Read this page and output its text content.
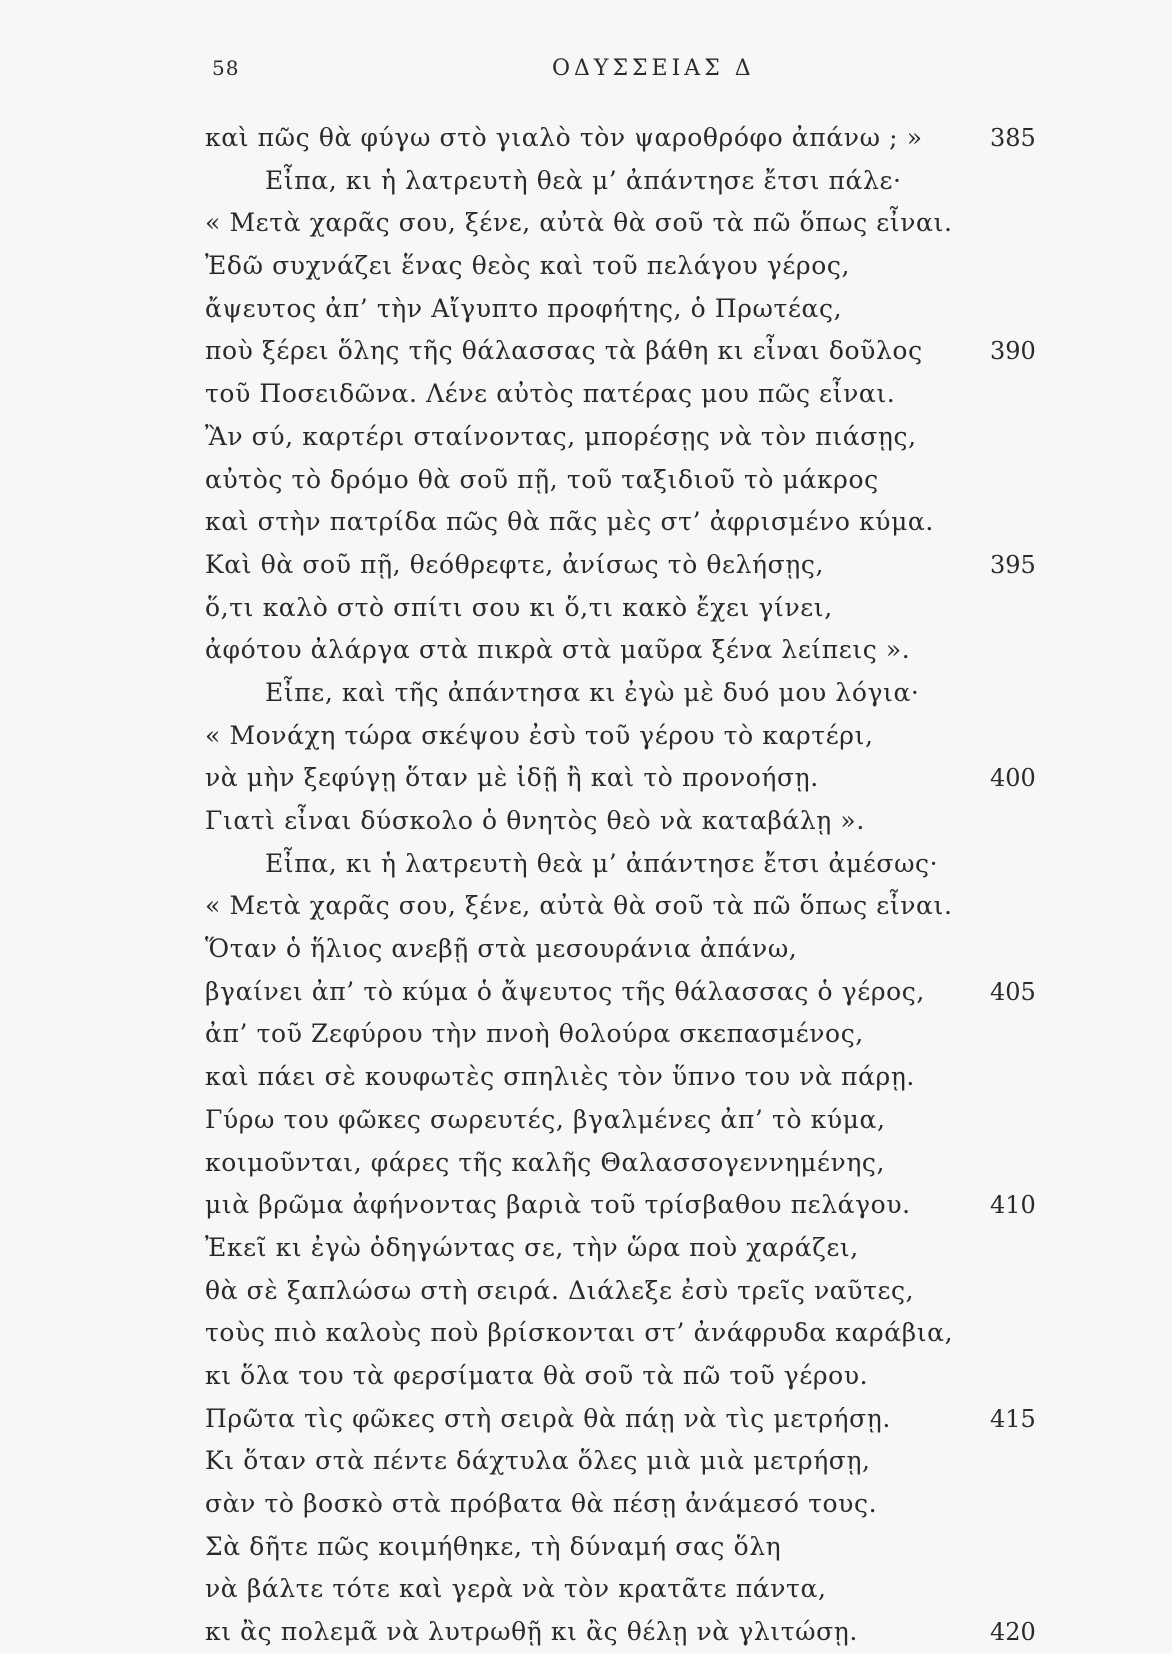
58	ΟΔΥΣΣΕΙΑΣ Δ
καὶ πῶς θὰ φύγω στὸ γιαλὸ τὸν ψαροθρόφο ἀπάνω ; »	385
Εἶπα, κι ἡ λατρευτὴ θεὰ μ’ ἀπάντησε ἔτσι πάλε·
« Μετὰ χαρᾶς σου, ξένε, αὐτὰ θὰ σοῦ τὰ πῶ ὅπως εἶναι.
Ἐδῶ συχνάζει ἕνας θεὸς καὶ τοῦ πελάγου γέρος,
ἄψευτος ἀπ’ τὴν Αἴγυπτο προφήτης, ὁ Πρωτέας,
ποὺ ξέρει ὅλης τῆς θάλασσας τὰ βάθη κι εἶναι δοῦλος	390
τοῦ Ποσειδῶνα. Λένε αὐτὸς πατέρας μου πῶς εἶναι.
Ἂν σύ, καρτέρι σταίνοντας, μπορέσῃς νὰ τὸν πιάσῃς,
αὐτὸς τὸ δρόμο θὰ σοῦ πῇ, τοῦ ταξιδιοῦ τὸ μάκρος
καὶ στὴν πατρίδα πῶς θὰ πᾶς μὲς στ’ ἀφρισμένο κύμα.
Καὶ θὰ σοῦ πῇ, θεόθρεφτε, ἀνίσως τὸ θελήσῃς,	395
ὅ,τι καλὸ στὸ σπίτι σου κι ὅ,τι κακὸ ἔχει γίνει,
ἀφότου ἀλάργα στὰ πικρὰ στὰ μαῦρα ξένα λείπεις ».
Εἶπε, καὶ τῆς ἀπάντησα κι ἐγὼ μὲ δυό μου λόγια·
« Μονάχη τώρα σκέψου ἐσὺ τοῦ γέρου τὸ καρτέρι,
νὰ μὴν ξεφύγῃ ὅταν μὲ ἰδῇ ἢ καὶ τὸ προνοήσῃ.	400
Γιατὶ εἶναι δύσκολο ὁ θνητὸς θεὸ νὰ καταβάλῃ ».
Εἶπα, κι ἡ λατρευτὴ θεὰ μ’ ἀπάντησε ἔτσι ἀμέσως·
« Μετὰ χαρᾶς σου, ξένε, αὐτὰ θὰ σοῦ τὰ πῶ ὅπως εἶναι.
Ὅταν ὁ ἥλιος ανεβῇ στὰ μεσουράνια ἀπάνω,
βγαίνει ἀπ’ τὸ κύμα ὁ ἄψευτος τῆς θάλασσας ὁ γέρος,	405
ἀπ’ τοῦ Ζεφύρου τὴν πνοὴ θολούρα σκεπασμένος,
καὶ πάει σὲ κουφωτὲς σπηλιὲς τὸν ὕπνο του νὰ πάρῃ.
Γύρω του φῶκες σωρευτές, βγαλμένες ἀπ’ τὸ κύμα,
κοιμοῦνται, φάρες τῆς καλῆς Θαλασσογεννημένης,
μιὰ βρῶμα ἀφήνοντας βαριὰ τοῦ τρίσβαθου πελάγου.	410
Ἐκεῖ κι ἐγὼ ὁδηγώντας σε, τὴν ὥρα ποὺ χαράζει,
θὰ σὲ ξαπλώσω στὴ σειρά. Διάλεξε ἐσὺ τρεῖς ναῦτες,
τοὺς πιὸ καλοὺς ποὺ βρίσκονται στ’ ἀνάφρυδα καράβια,
κι ὅλα του τὰ φερσίματα θὰ σοῦ τὰ πῶ τοῦ γέρου.
Πρῶτα τὶς φῶκες στὴ σειρὰ θὰ πάῃ νὰ τὶς μετρήσῃ.	415
Κι ὅταν στὰ πέντε δάχτυλα ὅλες μιὰ μιὰ μετρήσῃ,
σὰν τὸ βοσκὸ στὰ πρόβατα θὰ πέσῃ ἀνάμεσό τους.
Σὰ δῆτε πῶς κοιμήθηκε, τὴ δύναμή σας ὅλη
νὰ βάλτε τότε καὶ γερὰ νὰ τὸν κρατᾶτε πάντα,
κι ἂς πολεμᾶ νὰ λυτρωθῇ κι ἂς θέλῃ νὰ γλιτώσῃ.	420
